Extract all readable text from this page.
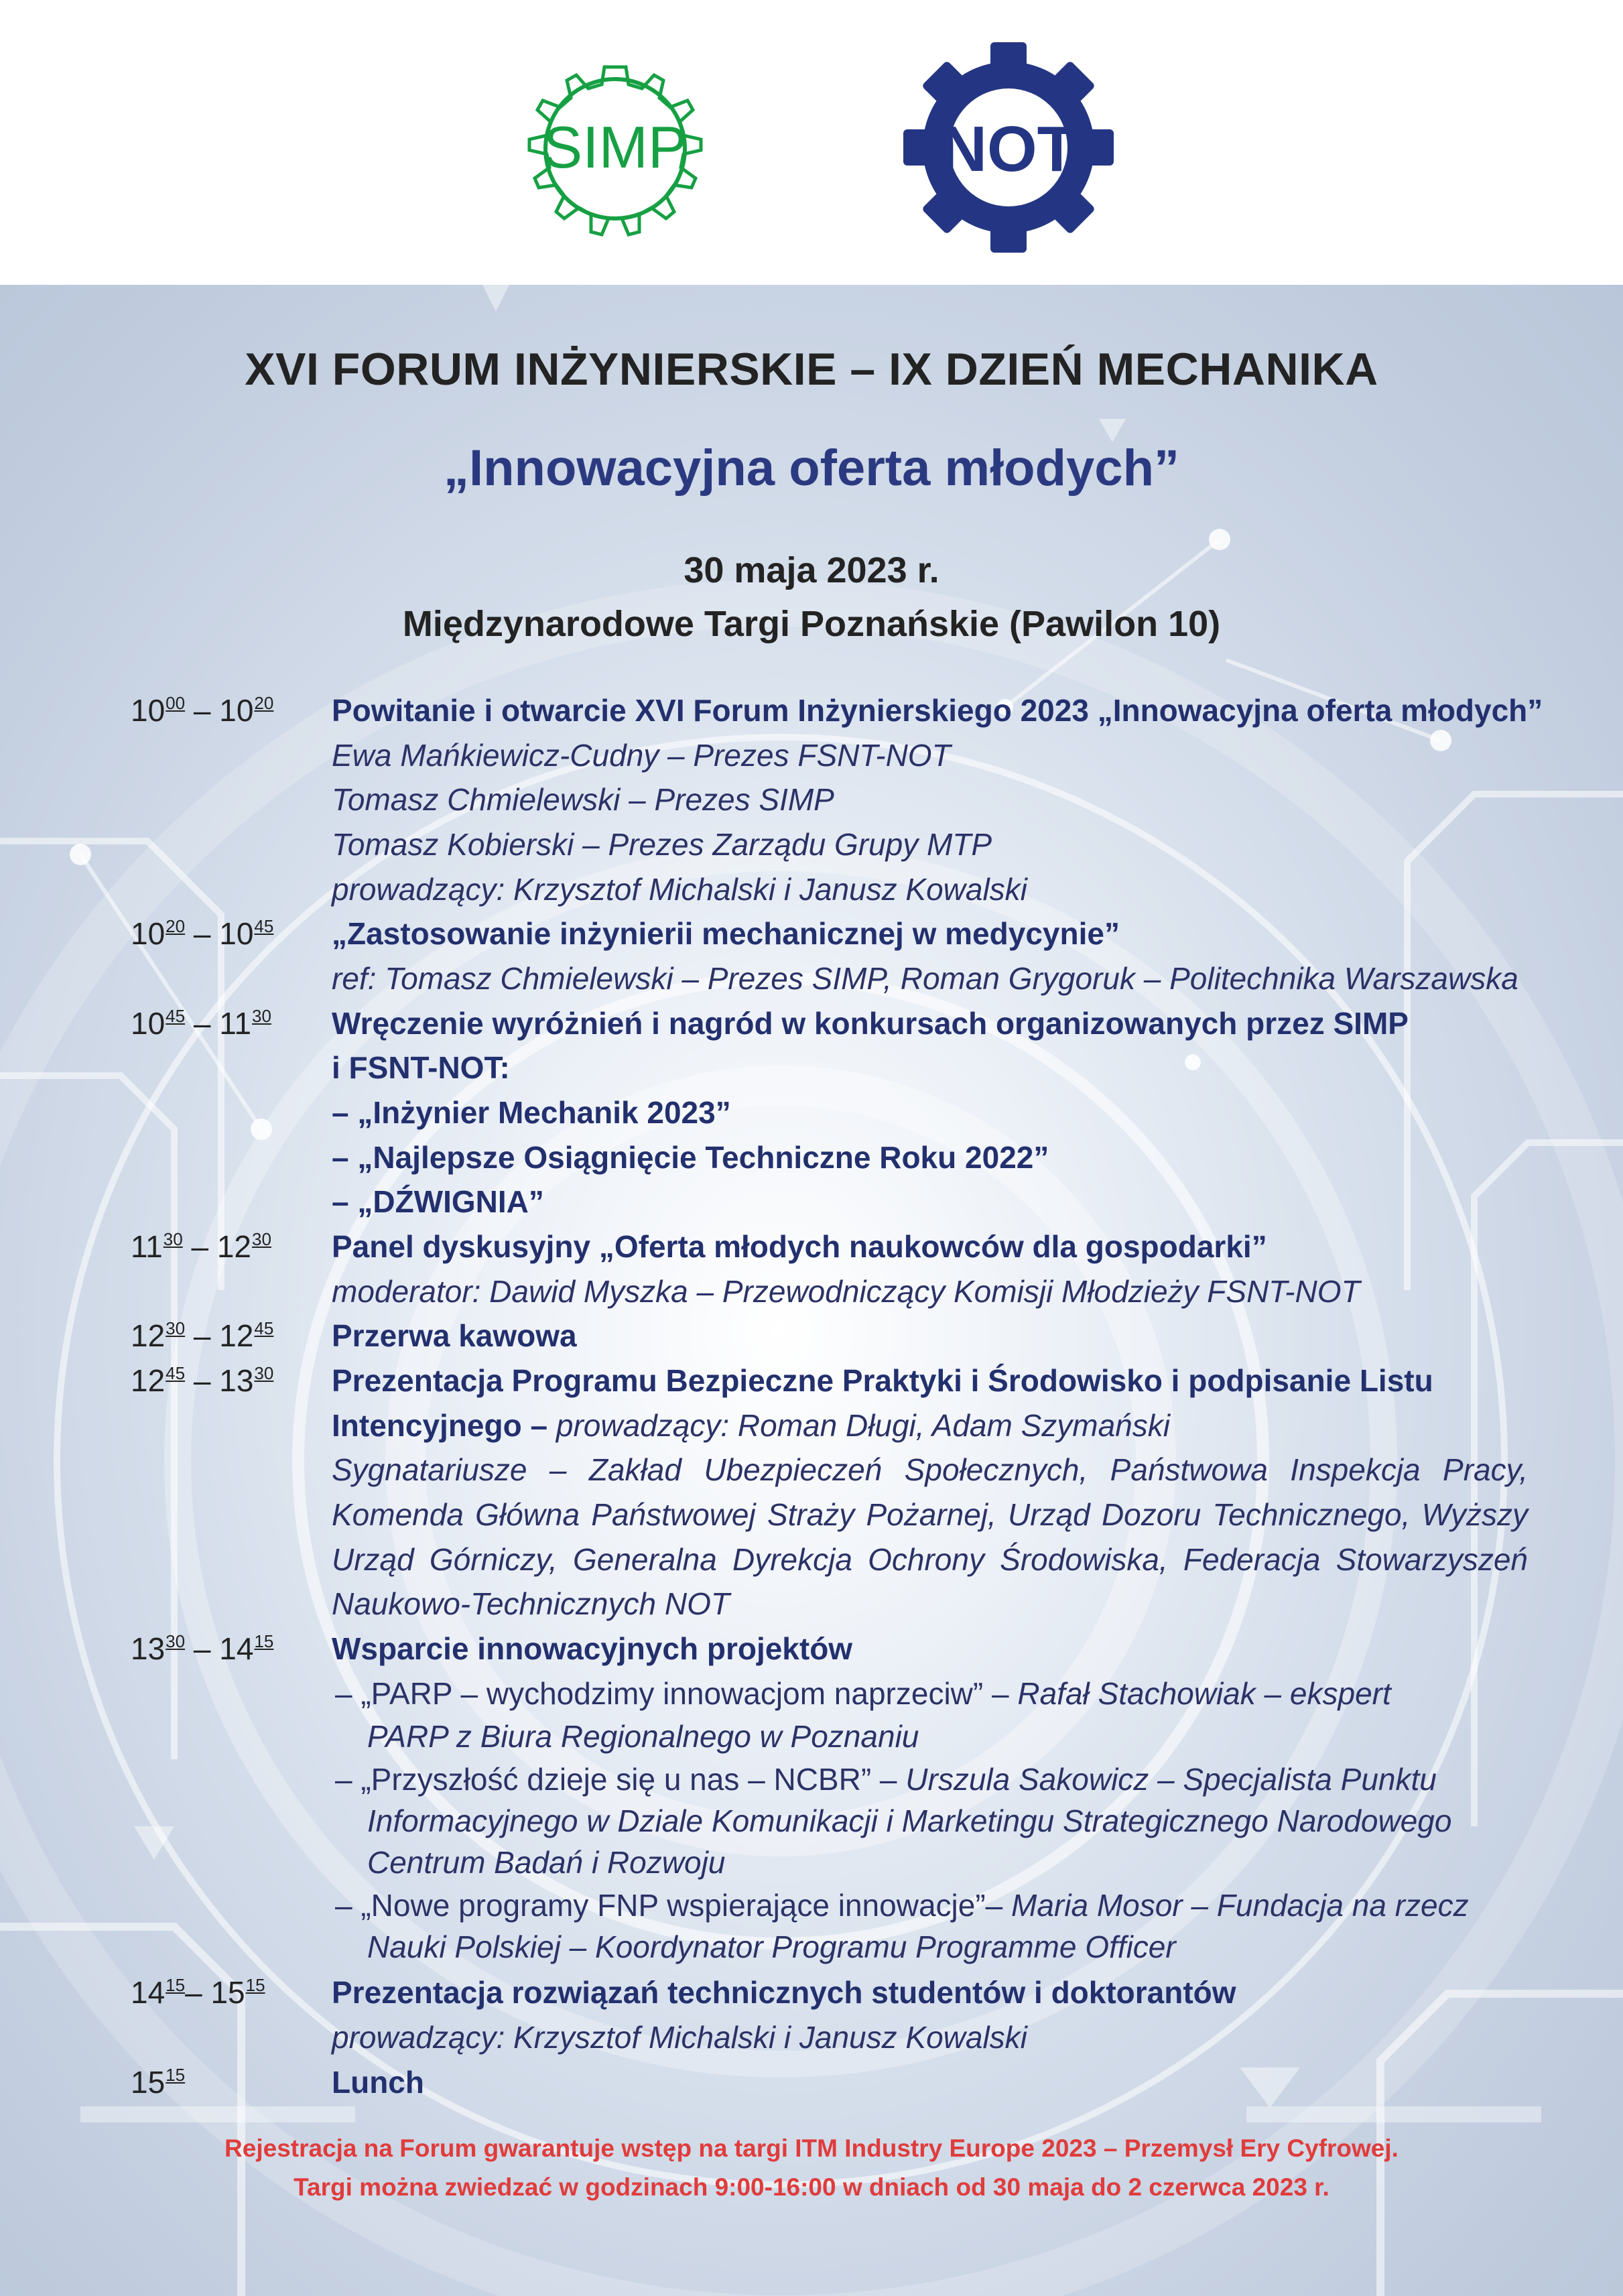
SIMP	NOT
XVI FORUM INŻYNIERSKIE – IX DZIEŃ MECHANIKA
„Innowacyjna oferta młodych”
30 maja 2023 r.
Międzynarodowe Targi Poznańskie (Pawilon 10)
$10^{00} - 10^{20}$ Powitanie i otwarcie XVI Forum Inżynierskiego 2023 „Innowacyjna oferta młodych”
Ewa Mańkiewicz-Cudny – Prezes FSNT-NOT
Tomasz Chmielewski – Prezes SIMP
Tomasz Kobierski – Prezes Zarządu Grupy MTP
prowadzący: Krzysztof Michalski i Janusz Kowalski
$10^{20} - 10^{45}$ „Zastosowanie inżynierii mechanicznej w medycynie”
ref: Tomasz Chmielewski – Prezes SIMP, Roman Grygoruk – Politechnika Warszawska
$10^{45} - 11^{30}$ Wręczenie wyróżnień i nagród w konkursach organizowanych przez SIMP
i FSNT-NOT:
– „Inżynier Mechanik 2023”
– „Najlepsze Osiągnięcie Techniczne Roku 2022”
– „DŹWIGNIA”
$11^{30} - 12^{30}$ Panel dyskusyjny „Oferta młodych naukowców dla gospodarki”
moderator: Dawid Myszka – Przewodniczący Komisji Młodzieży FSNT-NOT
$12^{30} - 12^{45}$ Przerwa kawowa
$12^{45} - 13^{30}$ Prezentacja Programu Bezpieczne Praktyki i Środowisko i podpisanie Listu
Intencyjnego – prowadzący: Roman Długi, Adam Szymański
Sygnatariusze – Zakład Ubezpieczeń Społecznych, Państwowa Inspekcja Pracy,
Komenda Główna Państwowej Straży Pożarnej, Urząd Dozoru Technicznego, Wyższy
Urząd Górniczy, Generalna Dyrekcja Ochrony Środowiska, Federacja Stowarzyszeń
Naukowo-Technicznych NOT
$13^{30} - 14^{15}$ Wsparcie innowacyjnych projektów
– „PARP – wychodzimy innowacjom naprzeciw” – Rafał Stachowiak – ekspert
PARP z Biura Regionalnego w Poznaniu
– „Przyszłość dzieje się u nas – NCBR” – Urszula Sakowicz – Specjalista Punktu
Informacyjnego w Dziale Komunikacji i Marketingu Strategicznego Narodowego
Centrum Badań i Rozwoju
– „Nowe programy FNP wspierające innowacje”– Maria Mosor – Fundacja na rzecz
Nauki Polskiej – Koordynator Programu Programme Officer
$14^{15}-$ $15^{15}$ Prezentacja rozwiązań technicznych studentów i doktorantów
prowadzący: Krzysztof Michalski i Janusz Kowalski
$15^{15}$	Lunch
Rejestracja na Forum gwarantuje wstęp na targi ITM Industry Europe 2023 – Przemysł Ery Cyfrowej.
Targi można zwiedzać w godzinach 9:00-16:00 w dniach od 30 maja do 2 czerwca 2023 r.
